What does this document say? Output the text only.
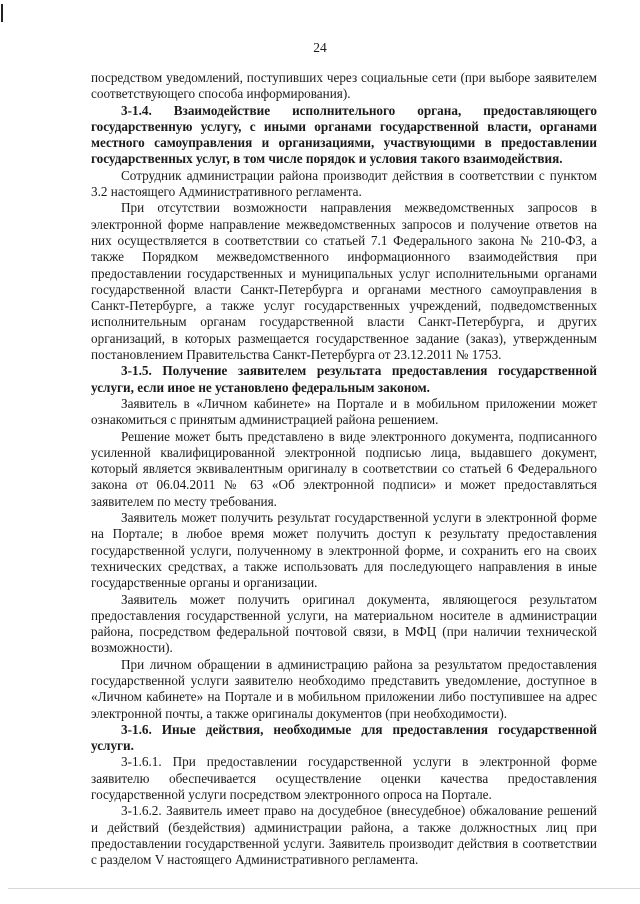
24

посредством уведомлений, поступивших через социальные сети (при выборе заявителем соответствующего способа информирования).

3-1.4. Взаимодействие исполнительного органа, предоставляющего государственную услугу, с иными органами государственной власти, органами местного самоуправления и организациями, участвующими в предоставлении государственных услуг, в том числе порядок и условия такого взаимодействия.

Сотрудник администрации района производит действия в соответствии с пунктом 3.2 настоящего Административного регламента.

При отсутствии возможности направления межведомственных запросов в электронной форме направление межведомственных запросов и получение ответов на них осуществляется в соответствии со статьей 7.1 Федерального закона № 210-ФЗ, а также Порядком межведомственного информационного взаимодействия при предоставлении государственных и муниципальных услуг исполнительными органами государственной власти Санкт-Петербурга и органами местного самоуправления в Санкт-Петербурге, а также услуг государственных учреждений, подведомственных исполнительным органам государственной власти Санкт-Петербурга, и других организаций, в которых размещается государственное задание (заказ), утвержденным постановлением Правительства Санкт-Петербурга от 23.12.2011 № 1753.

3-1.5. Получение заявителем результата предоставления государственной услуги, если иное не установлено федеральным законом.

Заявитель в «Личном кабинете» на Портале и в мобильном приложении может ознакомиться с принятым администрацией района решением.

Решение может быть представлено в виде электронного документа, подписанного усиленной квалифицированной электронной подписью лица, выдавшего документ, который является эквивалентным оригиналу в соответствии со статьей 6 Федерального закона от 06.04.2011 № 63 «Об электронной подписи» и может предоставляться заявителем по месту требования.

Заявитель может получить результат государственной услуги в электронной форме на Портале; в любое время может получить доступ к результату предоставления государственной услуги, полученному в электронной форме, и сохранить его на своих технических средствах, а также использовать для последующего направления в иные государственные органы и организации.

Заявитель может получить оригинал документа, являющегося результатом предоставления государственной услуги, на материальном носителе в администрации района, посредством федеральной почтовой связи, в МФЦ (при наличии технической возможности).

При личном обращении в администрацию района за результатом предоставления государственной услуги заявителю необходимо представить уведомление, доступное в «Личном кабинете» на Портале и в мобильном приложении либо поступившее на адрес электронной почты, а также оригиналы документов (при необходимости).

3-1.6. Иные действия, необходимые для предоставления государственной услуги.

3-1.6.1. При предоставлении государственной услуги в электронной форме заявителю обеспечивается осуществление оценки качества предоставления государственной услуги посредством электронного опроса на Портале.

3-1.6.2. Заявитель имеет право на досудебное (внесудебное) обжалование решений и действий (бездействия) администрации района, а также должностных лиц при предоставлении государственной услуги. Заявитель производит действия в соответствии с разделом V настоящего Административного регламента.
